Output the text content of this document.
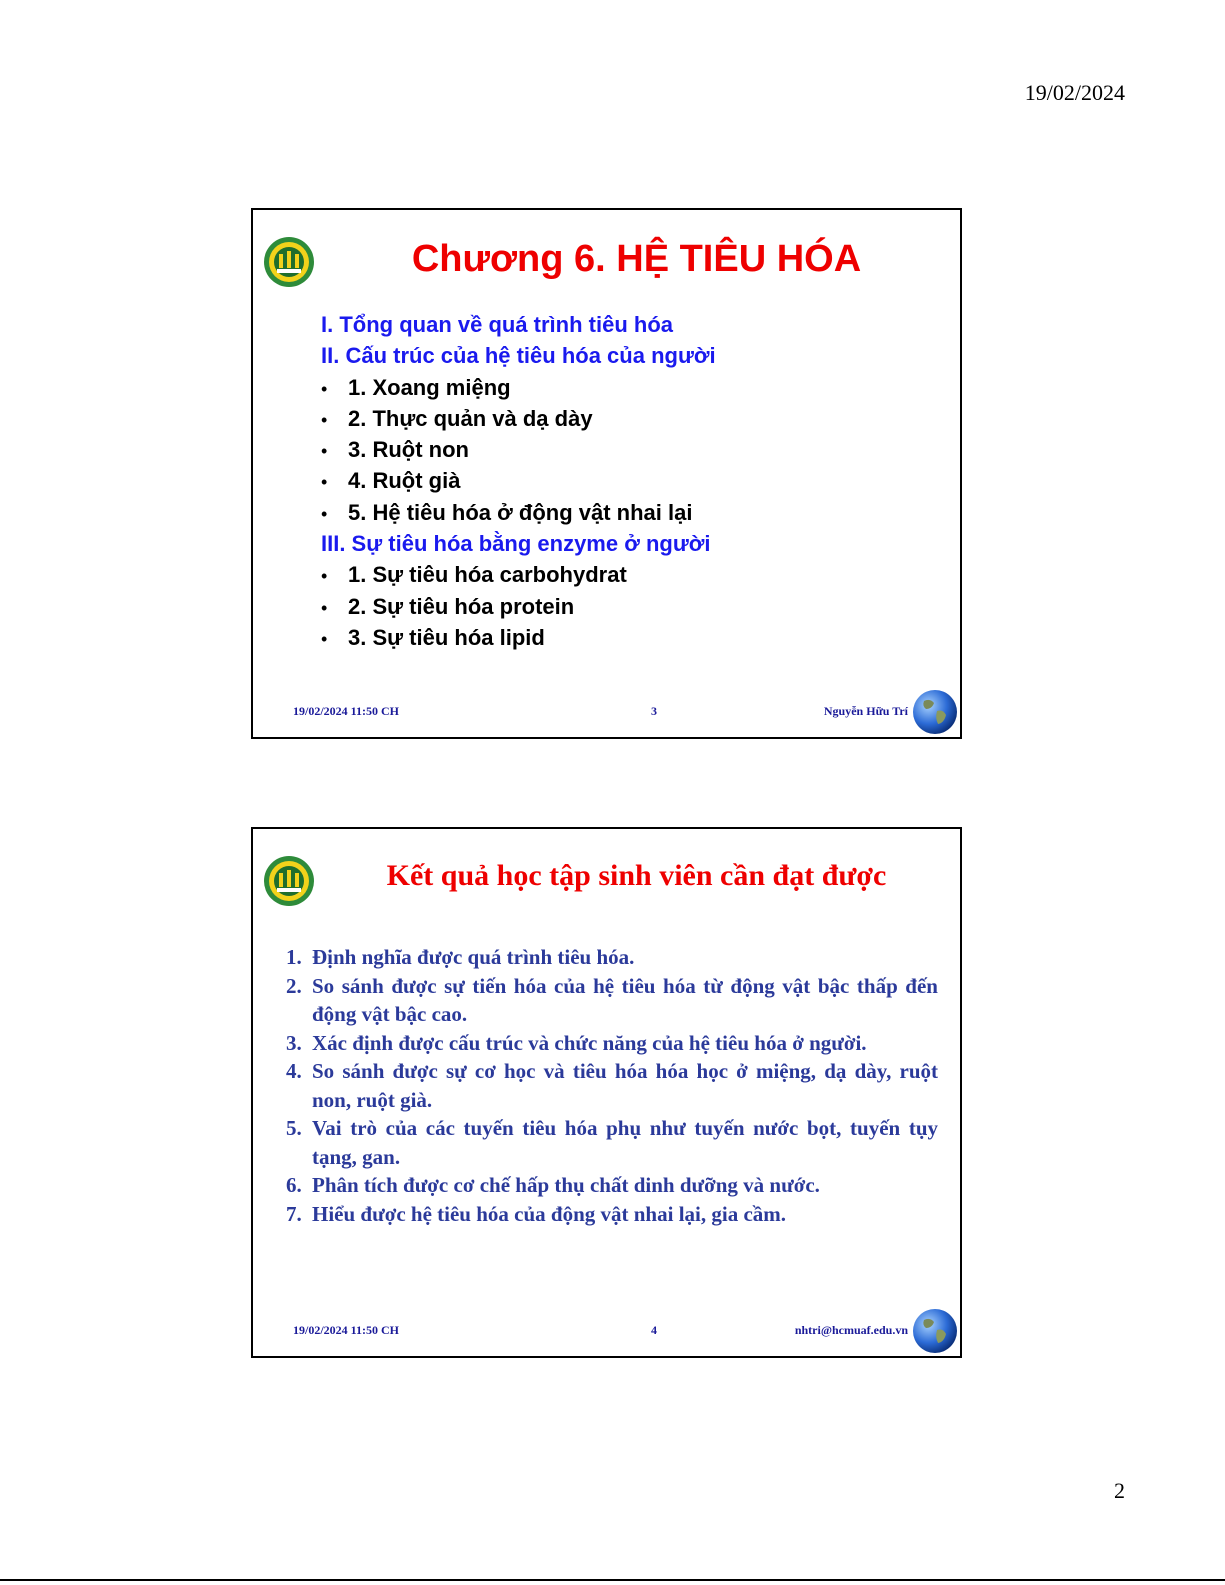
19/02/2024
Chương 6. HỆ TIÊU HÓA
I. Tổng quan về quá trình tiêu hóa
II. Cấu trúc của hệ tiêu hóa của người
• 1. Xoang miệng
• 2. Thực quản và dạ dày
• 3. Ruột non
• 4. Ruột già
• 5. Hệ tiêu hóa ở động vật nhai lại
III. Sự tiêu hóa bằng enzyme ở người
• 1. Sự tiêu hóa carbohydrat
• 2. Sự tiêu hóa protein
• 3. Sự tiêu hóa lipid
19/02/2024 11:50 CH	3	Nguyễn Hữu Trí
Kết quả học tập sinh viên cần đạt được
1. Định nghĩa được quá trình tiêu hóa.
2. So sánh được sự tiến hóa của hệ tiêu hóa từ động vật bậc thấp đến động vật bậc cao.
3. Xác định được cấu trúc và chức năng của hệ tiêu hóa ở người.
4. So sánh được sự cơ học và tiêu hóa hóa học ở miệng, dạ dày, ruột non, ruột già.
5. Vai trò của các tuyến tiêu hóa phụ như tuyến nước bọt, tuyến tụy tạng, gan.
6. Phân tích được cơ chế hấp thụ chất dinh dưỡng và nước.
7. Hiểu được hệ tiêu hóa của động vật nhai lại, gia cầm.
19/02/2024 11:50 CH	4	nhtri@hcmuaf.edu.vn
2
